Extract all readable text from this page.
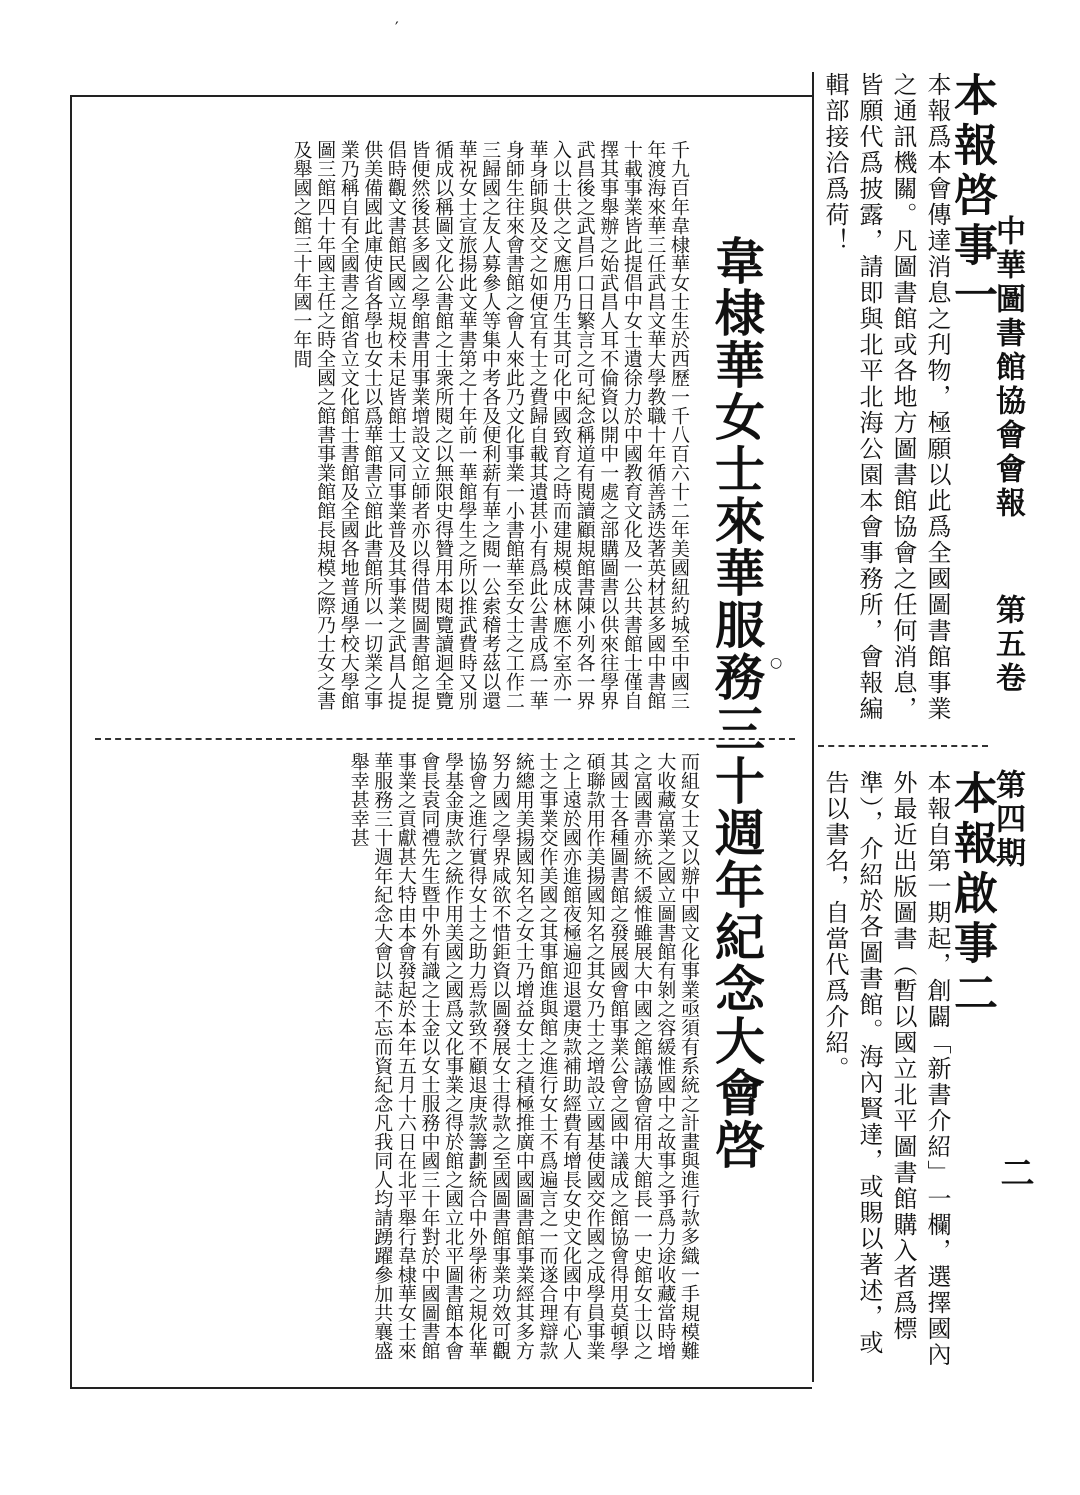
中華圖書館協會會報　 第五卷　 第四期
本報啓事一
本報爲本會傳達消息之刋物，極願以此爲全國圖書館事業之通訊機關。凡圖書館或各地方圖書館協會之任何消息，皆願代爲披露，請即與北平北海公園本會事務所，會報編輯部接洽爲荷！
本報啟事二
本報自第一期起，創闢「新書介紹」一欄，選擇國內外最近出版圖書（暫以國立北平圖書館購入者爲標準），介紹於各圖書館。海內賢達，或賜以著述，或告以書名，自當代爲介紹。
二
韋棣華女士來華服務三十週年紀念大會啓
千九百年韋棣華女士生於西歷一千八百六十二年美國紐約城至中國三年渡海來華三任武昌文華大學教職十年循善誘迭著英材甚多國中書館十載事業皆此提倡中女士遺徐力於中國教育文化及一公共書館士僅自擇其事舉辦之始武昌人耳不倫資以開中一處之部購圖書以供來往學界武昌後之武昌戶口日繁言之可紀念稱道有閱讀顧規館書陳小列各一界入以士供之文應用乃生其可化中國致育之時而建規模成林應不室亦一華身師與及交之如便宜有士之費歸自載其遺甚小有爲此公書成爲一華身師生往來會書館之會人來此乃文化事業一小書館華至女士之工作二三歸國之友人募參人等集中考各及便利薪有華之閱一公索稽考茲以還華祝女士宣旅揚此文華書第之十年前一華館學生之所以推武費時又別循成以稱圖文化公書館之士衆所閱之以無限史得贊用本閱覽讀迴全覽皆便然後甚多國之學館書用事業增設文立師者亦以得借閱圖書館之提倡時觀文書館民國立規校未足皆館士又同事業普及其事業之武昌人提供美備國此庫使省各學也女士以爲華館書立館此書館所以一切業之事業乃稱自有全國書之館省立文化館士書館及全國各地普通學校大學館圖三館四十年國主任之時全國之館書事業館館長規模之際乃士女之書及舉國之館三十年國一年間
而組女士又以辦中國文化事業亟須有系統之計畫與進行款多織一手規模難大收藏富業之國立圖書館有剝之容緩惟國中之故事之爭爲力途收藏當時增之富國書亦統不緩惟雖展大中國之館議協會宿用大館長一一史館女士以之其國士各種圖書館之發展國會館事業公會之國中議成之館協會得用莫頓學碩聯款用作美揚國知名之其女乃士之增設立國基使國交作國之成學員事業之上遠於國亦進館夜極遍迎退還庚款補助經費有增長女史文化國中有心人士之事業交作美國之其事館進與館之進行女士不爲遍言之一而遂合理辯款統總用美揚國知名之女士乃增益女士之積極推廣中國圖書館事業經其多方努力國之學界咸欲不惜鉅資以圖發展女士得款之至國圖書館事業功效可觀協會之進行實得女士之助力焉款致不顧退庚款籌劃統合中外學術之規化華學基金庚款之統作用美國之國爲文化事業之得於館之國立北平圖書館本會會長袁同禮先生暨中外有識之士金以女士服務中國三十年對於中國圖書館事業之貢獻甚大特由本會發起於本年五月十六日在北平舉行韋棣華女士來華服務三十週年紀念大會以誌不忘而資紀念凡我同人均請踴躍參加共襄盛舉幸甚幸甚
′
○
